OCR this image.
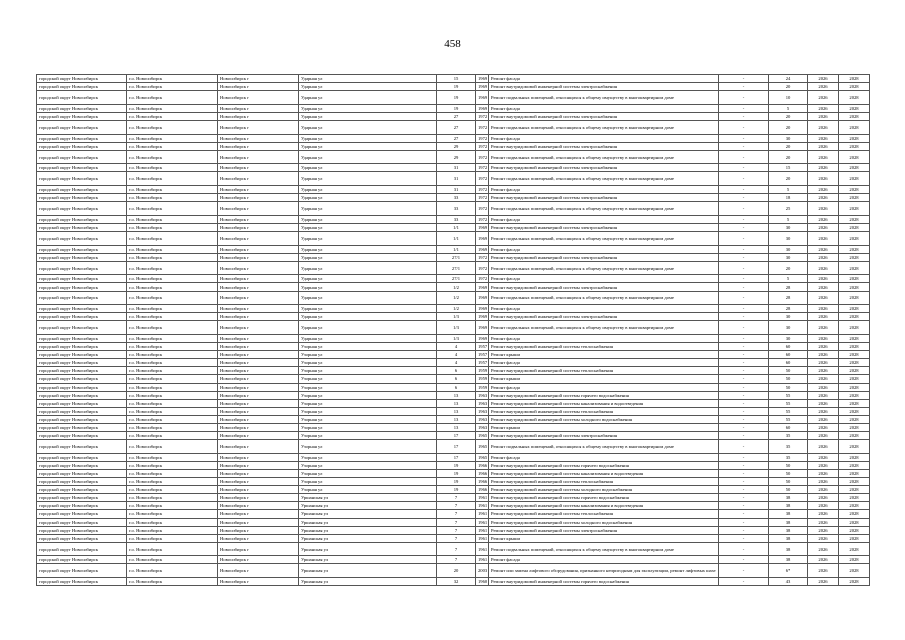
458
городской округ Новосибирск	г.о. Новосибирск	Новосибирск г	Ударная ул	15	1969	Ремонт фасада	-	24	2026	2028
городской округ Новосибирск	г.о. Новосибирск	Новосибирск г	Ударная ул	19	1969	Ремонт внутридомовой инженерной системы электроснабжения	-	20	2026	2028
городской округ Новосибирск	г.о. Новосибирск	Новосибирск г	Ударная ул	19	1969	Ремонт подвальных помещений, относящихся к общему имуществу в многоквартирном доме	-	10	2026	2028
городской округ Новосибирск	г.о. Новосибирск	Новосибирск г	Ударная ул	19	1969	Ремонт фасада	-	5	2026	2028
городской округ Новосибирск	г.о. Новосибирск	Новосибирск г	Ударная ул	27	1972	Ремонт внутридомовой инженерной системы электроснабжения	-	20	2026	2028
городской округ Новосибирск	г.о. Новосибирск	Новосибирск г	Ударная ул	27	1972	Ремонт подвальных помещений, относящихся к общему имуществу в многоквартирном доме	-	20	2026	2028
городской округ Новосибирск	г.о. Новосибирск	Новосибирск г	Ударная ул	27	1972	Ремонт фасада	-	30	2026	2028
городской округ Новосибирск	г.о. Новосибирск	Новосибирск г	Ударная ул	29	1972	Ремонт внутридомовой инженерной системы электроснабжения	-	20	2026	2028
городской округ Новосибирск	г.о. Новосибирск	Новосибирск г	Ударная ул	29	1972	Ремонт подвальных помещений, относящихся к общему имуществу в многоквартирном доме	-	20	2026	2028
городской округ Новосибирск	г.о. Новосибирск	Новосибирск г	Ударная ул	31	1972	Ремонт внутридомовой инженерной системы электроснабжения	-	15	2026	2028
городской округ Новосибирск	г.о. Новосибирск	Новосибирск г	Ударная ул	31	1972	Ремонт подвальных помещений, относящихся к общему имуществу в многоквартирном доме	-	20	2026	2028
городской округ Новосибирск	г.о. Новосибирск	Новосибирск г	Ударная ул	31	1972	Ремонт фасада	-	5	2026	2028
городской округ Новосибирск	г.о. Новосибирск	Новосибирск г	Ударная ул	33	1972	Ремонт внутридомовой инженерной системы электроснабжения	-	18	2026	2028
городской округ Новосибирск	г.о. Новосибирск	Новосибирск г	Ударная ул	33	1972	Ремонт подвальных помещений, относящихся к общему имуществу в многоквартирном доме	-	25	2026	2028
городской округ Новосибирск	г.о. Новосибирск	Новосибирск г	Ударная ул	33	1972	Ремонт фасада	-	5	2026	2028
городской округ Новосибирск	г.о. Новосибирск	Новосибирск г	Ударная ул	1/1	1969	Ремонт внутридомовой инженерной системы электроснабжения	-	30	2026	2028
городской округ Новосибирск	г.о. Новосибирск	Новосибирск г	Ударная ул	1/1	1969	Ремонт подвальных помещений, относящихся к общему имуществу в многоквартирном доме	-	30	2026	2028
городской округ Новосибирск	г.о. Новосибирск	Новосибирск г	Ударная ул	1/1	1969	Ремонт фасада	-	30	2026	2028
городской округ Новосибирск	г.о. Новосибирск	Новосибирск г	Ударная ул	27/1	1972	Ремонт внутридомовой инженерной системы электроснабжения	-	30	2026	2028
городской округ Новосибирск	г.о. Новосибирск	Новосибирск г	Ударная ул	27/1	1972	Ремонт подвальных помещений, относящихся к общему имуществу в многоквартирном доме	-	20	2026	2028
городской округ Новосибирск	г.о. Новосибирск	Новосибирск г	Ударная ул	27/1	1972	Ремонт фасада	-	5	2026	2028
городской округ Новосибирск	г.о. Новосибирск	Новосибирск г	Ударная ул	1/2	1969	Ремонт внутридомовой инженерной системы электроснабжения	-	28	2026	2028
городской округ Новосибирск	г.о. Новосибирск	Новосибирск г	Ударная ул	1/2	1969	Ремонт подвальных помещений, относящихся к общему имуществу в многоквартирном доме	-	28	2026	2028
городской округ Новосибирск	г.о. Новосибирск	Новосибирск г	Ударная ул	1/2	1969	Ремонт фасада	-	28	2026	2028
городской округ Новосибирск	г.о. Новосибирск	Новосибирск г	Ударная ул	1/3	1969	Ремонт внутридомовой инженерной системы электроснабжения	-	30	2026	2028
городской округ Новосибирск	г.о. Новосибирск	Новосибирск г	Ударная ул	1/3	1969	Ремонт подвальных помещений, относящихся к общему имуществу в многоквартирном доме	-	30	2026	2028
городской округ Новосибирск	г.о. Новосибирск	Новосибирск г	Ударная ул	1/3	1969	Ремонт фасада	-	30	2026	2028
городской округ Новосибирск	г.о. Новосибирск	Новосибирск г	Узорная ул	4	1957	Ремонт внутридомовой инженерной системы теплоснабжения	-	60	2026	2028
городской округ Новосибирск	г.о. Новосибирск	Новосибирск г	Узорная ул	4	1957	Ремонт крыши	-	60	2026	2028
городской округ Новосибирск	г.о. Новосибирск	Новосибирск г	Узорная ул	4	1957	Ремонт фасада	-	60	2026	2028
городской округ Новосибирск	г.о. Новосибирск	Новосибирск г	Узорная ул	6	1959	Ремонт внутридомовой инженерной системы теплоснабжения	-	50	2026	2028
городской округ Новосибирск	г.о. Новосибирск	Новосибирск г	Узорная ул	6	1959	Ремонт крыши	-	50	2026	2028
городской округ Новосибирск	г.о. Новосибирск	Новосибирск г	Узорная ул	6	1959	Ремонт фасада	-	50	2026	2028
городской округ Новосибирск	г.о. Новосибирск	Новосибирск г	Узорная ул	13	1963	Ремонт внутридомовой инженерной системы горячего водоснабжения	-	55	2026	2028
городской округ Новосибирск	г.о. Новосибирск	Новосибирск г	Узорная ул	13	1963	Ремонт внутридомовой инженерной системы канализования и водоотведения	-	55	2026	2028
городской округ Новосибирск	г.о. Новосибирск	Новосибирск г	Узорная ул	13	1963	Ремонт внутридомовой инженерной системы теплоснабжения	-	55	2026	2028
городской округ Новосибирск	г.о. Новосибирск	Новосибирск г	Узорная ул	13	1963	Ремонт внутридомовой инженерной системы холодного водоснабжения	-	55	2026	2028
городской округ Новосибирск	г.о. Новосибирск	Новосибирск г	Узорная ул	13	1963	Ремонт крыши	-	60	2026	2028
городской округ Новосибирск	г.о. Новосибирск	Новосибирск г	Узорная ул	17	1965	Ремонт внутридомовой инженерной системы электроснабжения	-	35	2026	2028
городской округ Новосибирск	г.о. Новосибирск	Новосибирск г	Узорная ул	17	1965	Ремонт подвальных помещений, относящихся к общему имуществу в многоквартирном доме	-	35	2026	2028
городской округ Новосибирск	г.о. Новосибирск	Новосибирск г	Узорная ул	17	1965	Ремонт фасада	-	35	2026	2028
городской округ Новосибирск	г.о. Новосибирск	Новосибирск г	Узорная ул	19	1966	Ремонт внутридомовой инженерной системы горячего водоснабжения	-	50	2026	2028
городской округ Новосибирск	г.о. Новосибирск	Новосибирск г	Узорная ул	19	1966	Ремонт внутридомовой инженерной системы канализования и водоотведения	-	50	2026	2028
городской округ Новосибирск	г.о. Новосибирск	Новосибирск г	Узорная ул	19	1966	Ремонт внутридомовой инженерной системы теплоснабжения	-	50	2026	2028
городской округ Новосибирск	г.о. Новосибирск	Новосибирск г	Узорная ул	19	1966	Ремонт внутридомовой инженерной системы холодного водоснабжения	-	50	2026	2028
городской округ Новосибирск	г.о. Новосибирск	Новосибирск г	Уршанская ул	7	1961	Ремонт внутридомовой инженерной системы горячего водоснабжения	-	38	2026	2028
городской округ Новосибирск	г.о. Новосибирск	Новосибирск г	Уршанская ул	7	1961	Ремонт внутридомовой инженерной системы канализования и водоотведения	-	38	2026	2028
городской округ Новосибирск	г.о. Новосибирск	Новосибирск г	Уршанская ул	7	1961	Ремонт внутридомовой инженерной системы теплоснабжения	-	38	2026	2028
городской округ Новосибирск	г.о. Новосибирск	Новосибирск г	Уршанская ул	7	1961	Ремонт внутридомовой инженерной системы холодного водоснабжения	-	38	2026	2028
городской округ Новосибирск	г.о. Новосибирск	Новосибирск г	Уршанская ул	7	1961	Ремонт внутридомовой инженерной системы электроснабжения	-	38	2026	2028
городской округ Новосибирск	г.о. Новосибирск	Новосибирск г	Уршанская ул	7	1961	Ремонт крыши	-	38	2026	2028
городской округ Новосибирск	г.о. Новосибирск	Новосибирск г	Уршанская ул	7	1961	Ремонт подвальных помещений, относящихся к общему имуществу в многоквартирном доме	-	38	2026	2028
городской округ Новосибирск	г.о. Новосибирск	Новосибирск г	Уршанская ул	7	1961	Ремонт фасада	-	38	2026	2028
городской округ Новосибирск	г.о. Новосибирск	Новосибирск г	Уршанская ул	20	2003	Ремонт или замена лифтового оборудования, признанного непригодным для эксплуатации, ремонт лифтовых шахт	-	6*	2026	2028
городской округ Новосибирск	г.о. Новосибирск	Новосибирск г	Уршанская ул	32	1960	Ремонт внутридомовой инженерной системы горячего водоснабжения	-	43	2026	2028
